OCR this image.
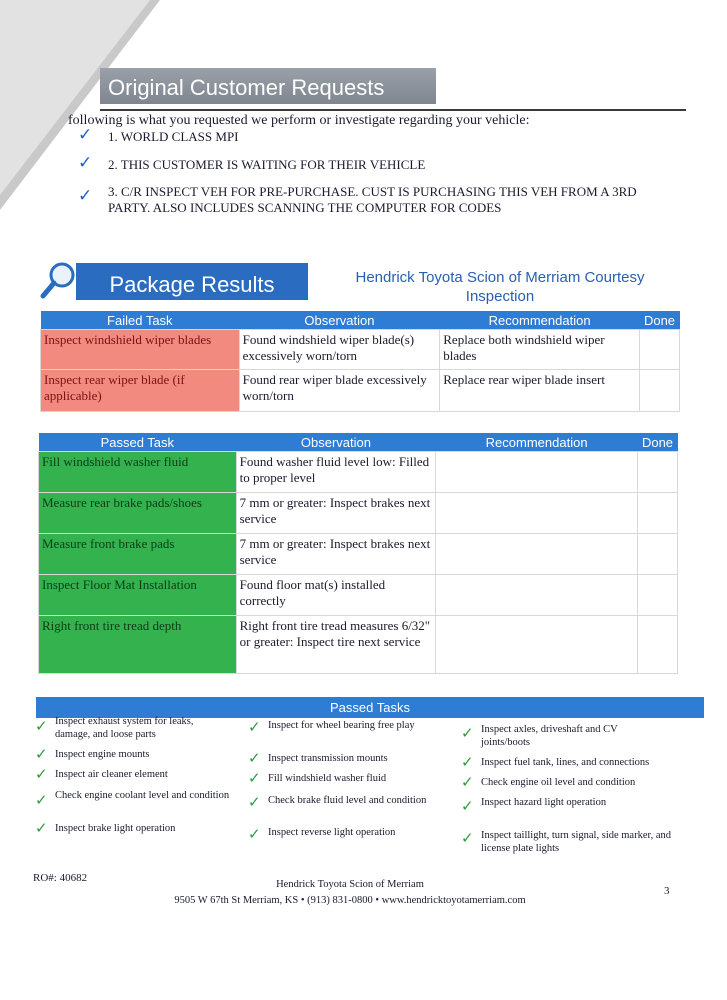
Original Customer Requests
following is what you requested we perform or investigate regarding your vehicle:
✓ 1. WORLD CLASS MPI
✓ 2. THIS CUSTOMER IS WAITING FOR THEIR VEHICLE
✓ 3. C/R INSPECT VEH FOR PRE-PURCHASE. CUST IS PURCHASING THIS VEH FROM A 3RD PARTY. ALSO INCLUDES SCANNING THE COMPUTER FOR CODES
Package Results	Hendrick Toyota Scion of Merriam Courtesy Inspection
Failed Task	Observation	Recommendation	Done
Inspect windshield wiper blades	Found windshield wiper blade(s) excessively worn/torn	Replace both windshield wiper blades	
Inspect rear wiper blade (if applicable)	Found rear wiper blade excessively worn/torn	Replace rear wiper blade insert	
Passed Task	Observation	Recommendation	Done
Fill windshield washer fluid	Found washer fluid level low: Filled to proper level		
Measure rear brake pads/shoes	7 mm or greater: Inspect brakes next service		
Measure front brake pads	7 mm or greater: Inspect brakes next service		
Inspect Floor Mat Installation	Found floor mat(s) installed correctly		
Right front tire tread depth	Right front tire tread measures 6/32" or greater: Inspect tire next service		
Passed Tasks
✓ Inspect exhaust system for leaks, damage, and loose parts
✓ Inspect engine mounts
✓ Inspect air cleaner element
✓ Check engine coolant level and condition
✓ Inspect brake light operation
✓ Inspect for wheel bearing free play
✓ Inspect transmission mounts
✓ Fill windshield washer fluid
✓ Check brake fluid level and condition
✓ Inspect reverse light operation
✓ Inspect axles, driveshaft and CV joints/boots
✓ Inspect fuel tank, lines, and connections
✓ Check engine oil level and condition
✓ Inspect hazard light operation
✓ Inspect taillight, turn signal, side marker, and license plate lights
RO#: 40682
Hendrick Toyota Scion of Merriam
9505 W 67th St Merriam, KS • (913) 831-0800 • www.hendricktoyotamerriam.com
3
